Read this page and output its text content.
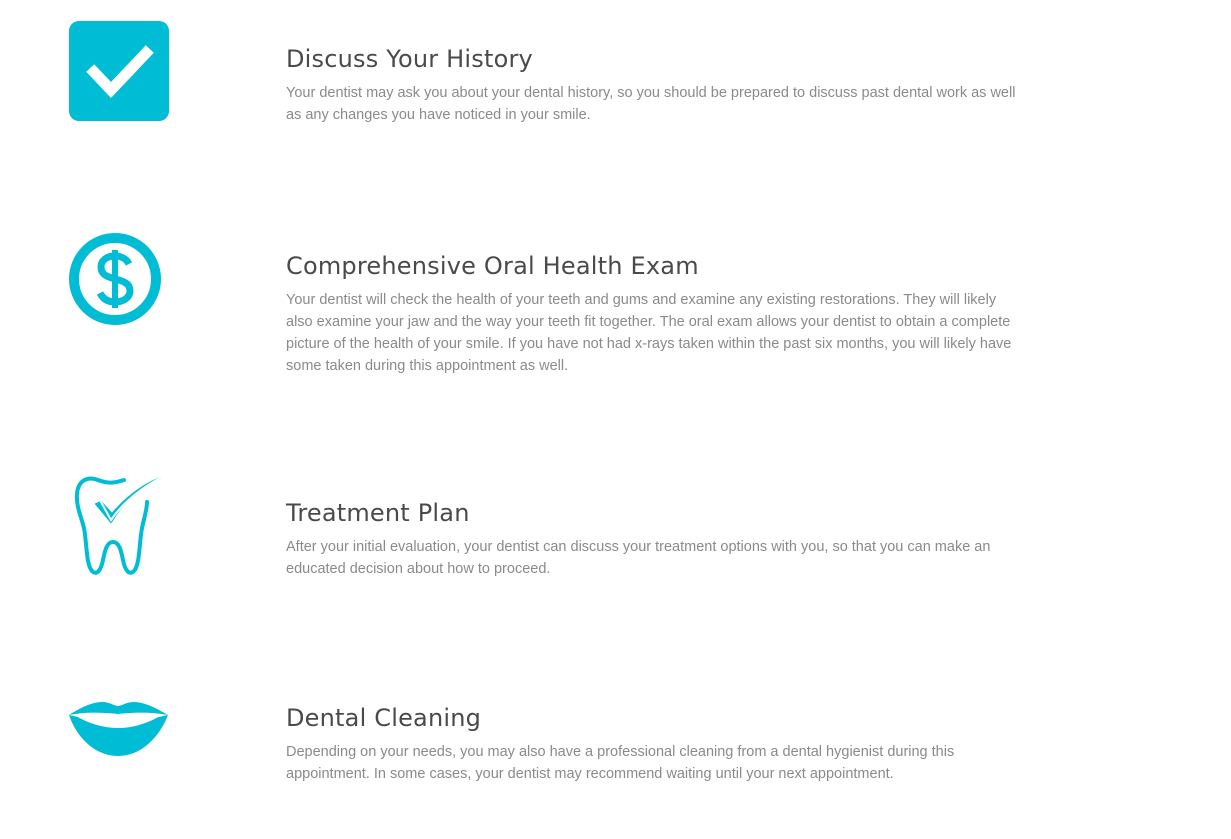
Discuss Your History

Your dentist may ask you about your dental history, so you should be prepared to discuss past dental work as well as any changes you have noticed in your smile.

Comprehensive Oral Health Exam

Your dentist will check the health of your teeth and gums and examine any existing restorations. They will likely also examine your jaw and the way your teeth fit together. The oral exam allows your dentist to obtain a complete picture of the health of your smile. If you have not had x-rays taken within the past six months, you will likely have some taken during this appointment as well.

Treatment Plan

After your initial evaluation, your dentist can discuss your treatment options with you, so that you can make an educated decision about how to proceed.

Dental Cleaning

Depending on your needs, you may also have a professional cleaning from a dental hygienist during this appointment. In some cases, your dentist may recommend waiting until your next appointment.
